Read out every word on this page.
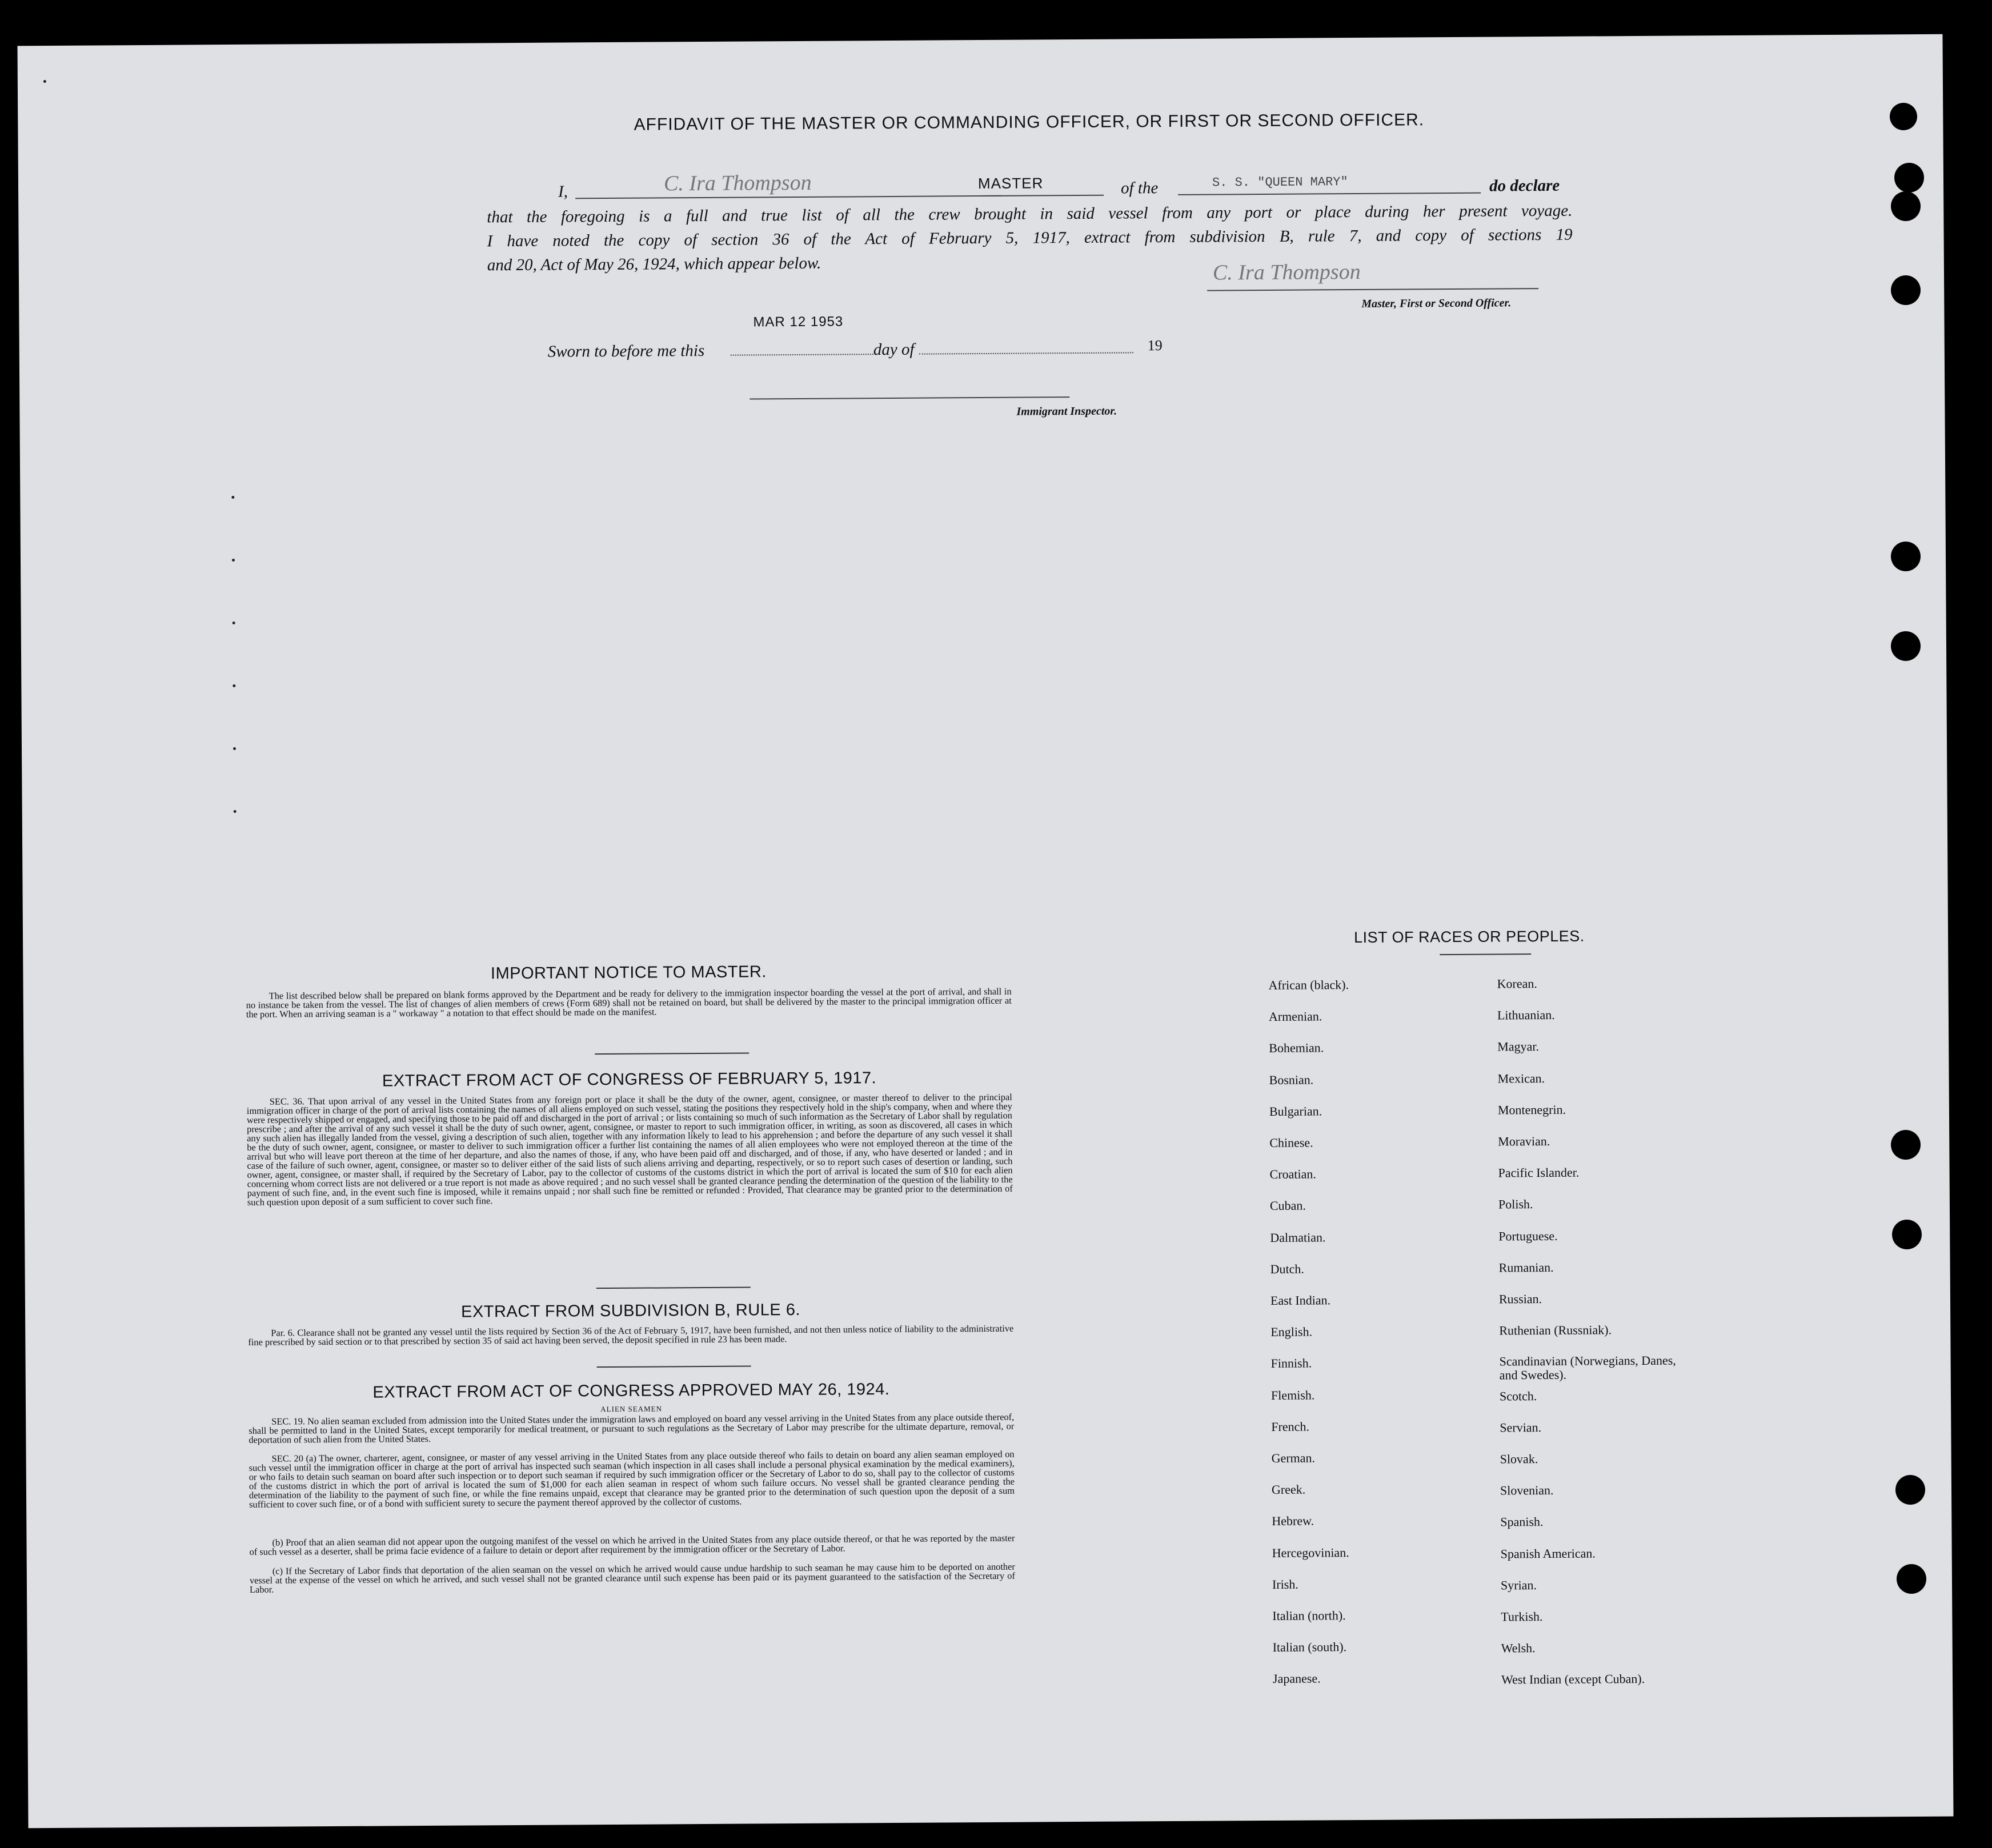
AFFIDAVIT OF THE MASTER OR COMMANDING OFFICER, OR FIRST OR SECOND OFFICER.
I,	C. Ira Thompson	MASTER	of the	S. S. "QUEEN MARY"	do declare
that the foregoing is a full and true list of all the crew brought in said vessel from any port or place during her present voyage.
I have noted the copy of section 36 of the Act of February 5, 1917, extract from subdivision B, rule 7, and copy of sections 19
and 20, Act of May 26, 1924, which appear below.	C. Ira Thompson
Master, First or Second Officer.
MAR 12 1953
Sworn to before me this	day of	19
Immigrant Inspector.
IMPORTANT NOTICE TO MASTER.
The list described below shall be prepared on blank forms approved by the Department and be ready for delivery to the immigration inspector boarding the vessel at the port of arrival, and shall in no instance be taken from the vessel. The list of changes of alien members of crews (Form 689) shall not be retained on board, but shall be delivered by the master to the principal immigration officer at the port. When an arriving seaman is a " workaway " a notation to that effect should be made on the manifest.
EXTRACT FROM ACT OF CONGRESS OF FEBRUARY 5, 1917.
SEC. 36. That upon arrival of any vessel in the United States from any foreign port or place it shall be the duty of the owner, agent, consignee, or master thereof to deliver to the principal immigration officer in charge of the port of arrival lists containing the names of all aliens employed on such vessel, stating the positions they respectively hold in the ship's company, when and where they were respectively shipped or engaged, and specifying those to be paid off and discharged in the port of arrival ; or lists containing so much of such information as the Secretary of Labor shall by regulation prescribe ; and after the arrival of any such vessel it shall be the duty of such owner, agent, consignee, or master to report to such immigration officer, in writing, as soon as discovered, all cases in which any such alien has illegally landed from the vessel, giving a description of such alien, together with any information likely to lead to his apprehension ; and before the departure of any such vessel it shall be the duty of such owner, agent, consignee, or master to deliver to such immigration officer a further list containing the names of all alien employees who were not employed thereon at the time of the arrival but who will leave port thereon at the time of her departure, and also the names of those, if any, who have been paid off and discharged, and of those, if any, who have deserted or landed ; and in case of the failure of such owner, agent, consignee, or master so to deliver either of the said lists of such aliens arriving and departing, respectively, or so to report such cases of desertion or landing, such owner, agent, consignee, or master shall, if required by the Secretary of Labor, pay to the collector of customs of the customs district in which the port of arrival is located the sum of $10 for each alien concerning whom correct lists are not delivered or a true report is not made as above required ; and no such vessel shall be granted clearance pending the determination of the question of the liability to the payment of such fine, and, in the event such fine is imposed, while it remains unpaid ; nor shall such fine be remitted or refunded : Provided, That clearance may be granted prior to the determination of such question upon deposit of a sum sufficient to cover such fine.
EXTRACT FROM SUBDIVISION B, RULE 6.
Par. 6. Clearance shall not be granted any vessel until the lists required by Section 36 of the Act of February 5, 1917, have been furnished, and not then unless notice of liability to the administrative fine prescribed by said section or to that prescribed by section 35 of said act having been served, the deposit specified in rule 23 has been made.
EXTRACT FROM ACT OF CONGRESS APPROVED MAY 26, 1924.
ALIEN SEAMEN
SEC. 19. No alien seaman excluded from admission into the United States under the immigration laws and employed on board any vessel arriving in the United States from any place outside thereof, shall be permitted to land in the United States, except temporarily for medical treatment, or pursuant to such regulations as the Secretary of Labor may prescribe for the ultimate departure, removal, or deportation of such alien from the United States.
SEC. 20 (a) The owner, charterer, agent, consignee, or master of any vessel arriving in the United States from any place outside thereof who fails to detain on board any alien seaman employed on such vessel until the immigration officer in charge at the port of arrival has inspected such seaman (which inspection in all cases shall include a personal physical examination by the medical examiners), or who fails to detain such seaman on board after such inspection or to deport such seaman if required by such immigration officer or the Secretary of Labor to do so, shall pay to the collector of customs of the customs district in which the port of arrival is located the sum of $1,000 for each alien seaman in respect of whom such failure occurs. No vessel shall be granted clearance pending the determination of the liability to the payment of such fine, or while the fine remains unpaid, except that clearance may be granted prior to the determination of such question upon the deposit of a sum sufficient to cover such fine, or of a bond with sufficient surety to secure the payment thereof approved by the collector of customs.
(b) Proof that an alien seaman did not appear upon the outgoing manifest of the vessel on which he arrived in the United States from any place outside thereof, or that he was reported by the master of such vessel as a deserter, shall be prima facie evidence of a failure to detain or deport after requirement by the immigration officer or the Secretary of Labor.
(c) If the Secretary of Labor finds that deportation of the alien seaman on the vessel on which he arrived would cause undue hardship to such seaman he may cause him to be deported on another vessel at the expense of the vessel on which he arrived, and such vessel shall not be granted clearance until such expense has been paid or its payment guaranteed to the satisfaction of the Secretary of Labor.
LIST OF RACES OR PEOPLES.
African (black).
Armenian.
Bohemian.
Bosnian.
Bulgarian.
Chinese.
Croatian.
Cuban.
Dalmatian.
Dutch.
East Indian.
English.
Finnish.
Flemish.
French.
German.
Greek.
Hebrew.
Hercegovinian.
Irish.
Italian (north).
Italian (south).
Japanese.
Korean.
Lithuanian.
Magyar.
Mexican.
Montenegrin.
Moravian.
Pacific Islander.
Polish.
Portuguese.
Rumanian.
Russian.
Ruthenian (Russniak).
Scandinavian (Norwegians, Danes, and Swedes).
Scotch.
Servian.
Slovak.
Slovenian.
Spanish.
Spanish American.
Syrian.
Turkish.
Welsh.
West Indian (except Cuban).
